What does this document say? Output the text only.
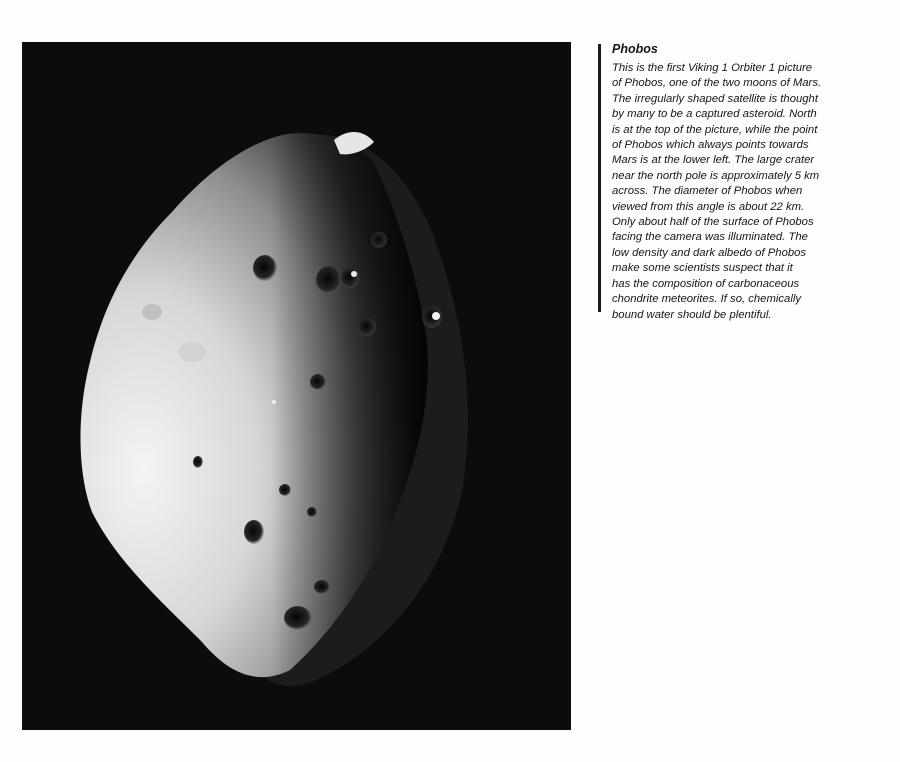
Phobos

This is the first Viking 1 Orbiter 1 picture
of Phobos, one of the two moons of Mars.
The irregularly shaped satellite is thought
by many to be a captured asteroid. North
is at the top of the picture, while the point
of Phobos which always points towards
Mars is at the lower left. The large crater
near the north pole is approximately 5 km
across. The diameter of Phobos when
viewed from this angle is about 22 km.
Only about half of the surface of Phobos
facing the camera was illuminated. The
low density and dark albedo of Phobos
make some scientists suspect that it
has the composition of carbonaceous
chondrite meteorites. If so, chemically
bound water should be plentiful.
